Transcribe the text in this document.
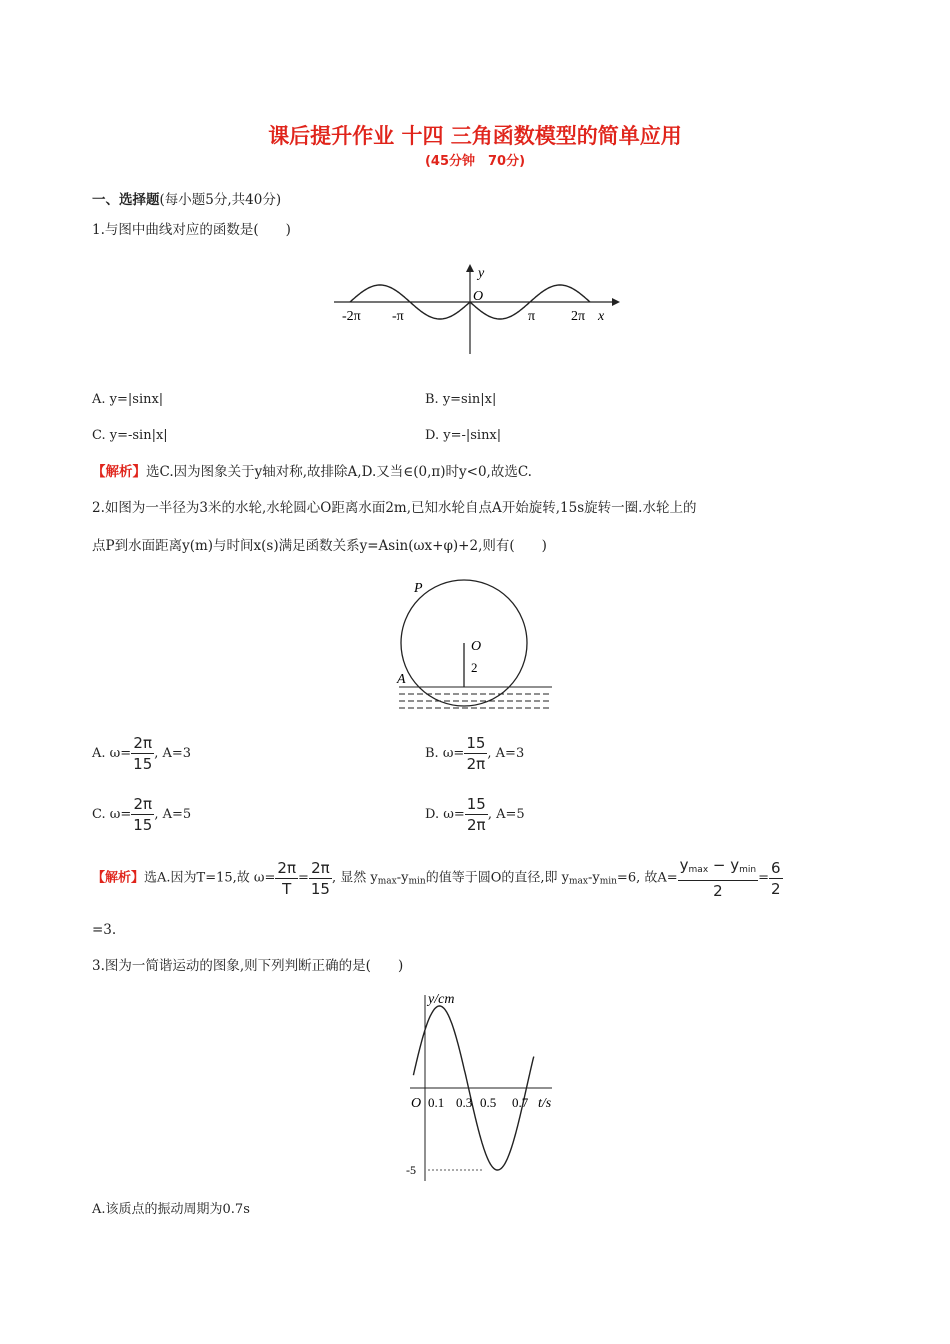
课后提升作业 十四 三角函数模型的简单应用
(45分钟　70分)
一、选择题(每小题5分,共40分)
1.与图中曲线对应的函数是(　　)
y
O
x
-2π -π	π	2π
A. y=|sinx|	B. y=sin|x|
C. y=-sin|x|	D. y=-|sinx|
【解析】选C.因为图象关于y轴对称,故排除A,D.又当∈(0,π)时y<0,故选C.
2.如图为一半径为3米的水轮,水轮圆心O距离水面2m,已知水轮自点A开始旋转,15s旋转一圈.水轮上的
点P到水面距离y(m)与时间x(s)满足函数关系y=Asin(ωx+φ)+2,则有(　　)
P
O
2
A
A. $\omega= \frac{2\pi}{15}$ , A=3	B. $\omega= \frac{15}{2\pi}$ , A=3
C. $\omega= \frac{2\pi}{15}$ , A=5	D. $\omega= \frac{15}{2\pi}$ , A=5
【解析】选A.因为T=15,故 $\omega= \frac{2\pi}{T} = \frac{2\pi}{15}$ , 显然 $y_{max}-y_{min}$的值等于圆O的直径,即 $y_{max}-y_{min}=6$, 故$A= \frac{y_{max} - y_{min}}{2} = \frac{6}{2}$
=3.
3.图为一简谐运动的图象,则下列判断正确的是(　　)
y/cm
O 0.1 0.3 0.5 0.7 t/s
-5
A.该质点的振动周期为0.7s
